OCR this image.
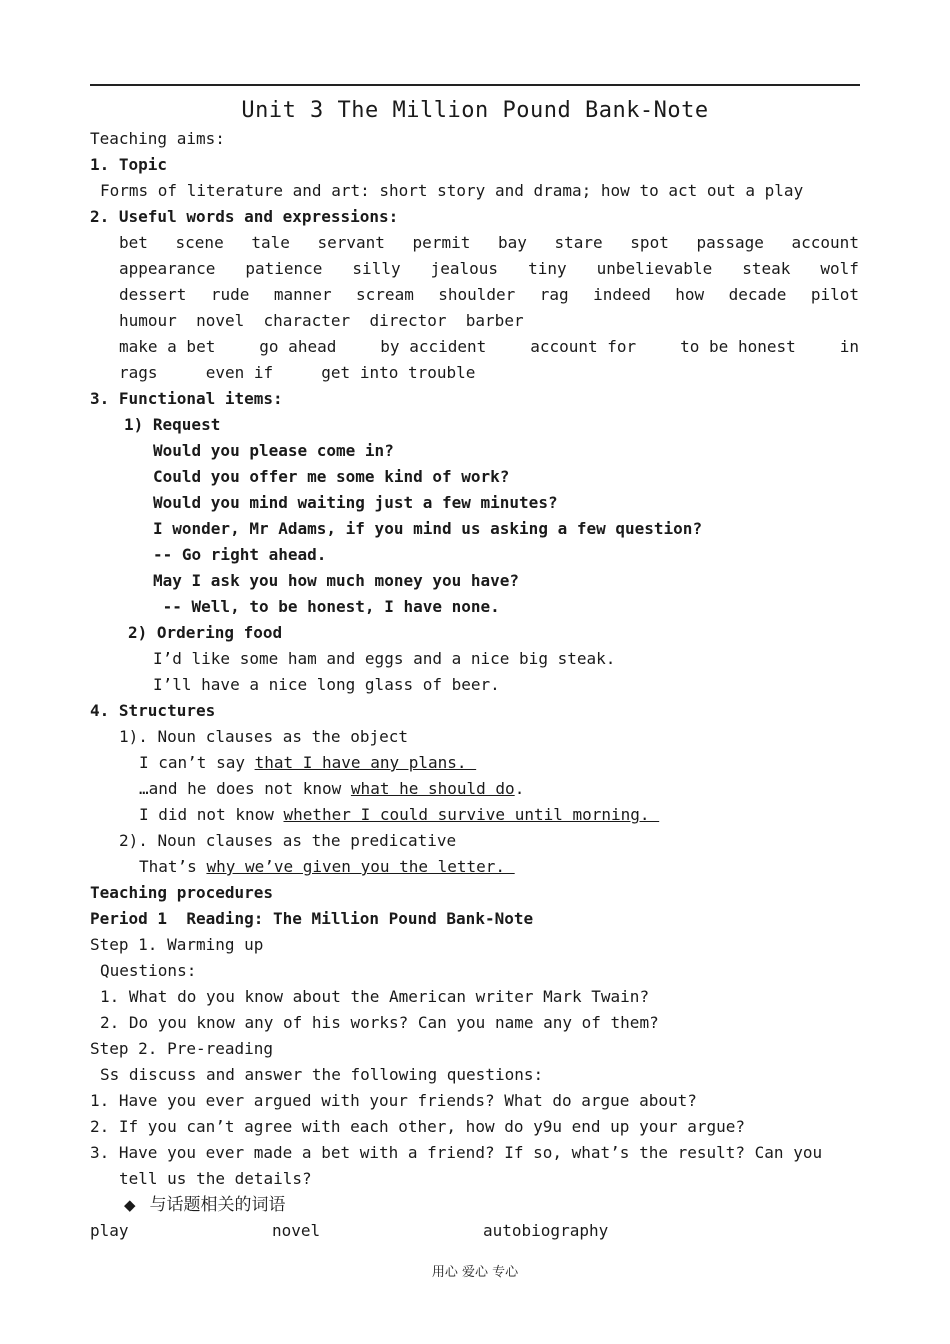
Unit 3 The Million Pound Bank-Note
Teaching aims:
1. Topic
Forms of literature and art: short story and drama; how to act out a play
2. Useful words and expressions:
bet scene tale servant permit bay stare spot passage account
appearance patience silly jealous tiny unbelievable steak wolf
dessert rude manner scream shoulder rag indeed how decade pilot
humour  novel  character  director  barber
make a bet	go ahead	by accident	account for	to be honest	in
rags     even if     get into trouble
3. Functional items:
1) Request
Would you please come in?
Could you offer me some kind of work?
Would you mind waiting just a few minutes?
I wonder, Mr Adams, if you mind us asking a few question?
-- Go right ahead.
May I ask you how much money you have?
-- Well, to be honest, I have none.
2) Ordering food
I’d like some ham and eggs and a nice big steak.
I’ll have a nice long glass of beer.
4. Structures
1). Noun clauses as the object
I can’t say that I have any plans.
…and he does not know what he should do.
I did not know whether I could survive until morning.
2). Noun clauses as the predicative
That’s why we’ve given you the letter.
Teaching procedures
Period 1  Reading: The Million Pound Bank-Note
Step 1. Warming up
Questions:
1. What do you know about the American writer Mark Twain?
2. Do you know any of his works? Can you name any of them?
Step 2. Pre-reading
Ss discuss and answer the following questions:
1. Have you ever argued with your friends? What do argue about?
2. If you can’t agree with each other, how do y9u end up your argue?
3. Have you ever made a bet with a friend? If so, what’s the result? Can you
tell us the details?
◆ 与话题相关的词语
play	novel	autobiography
用心 爱心 专心
